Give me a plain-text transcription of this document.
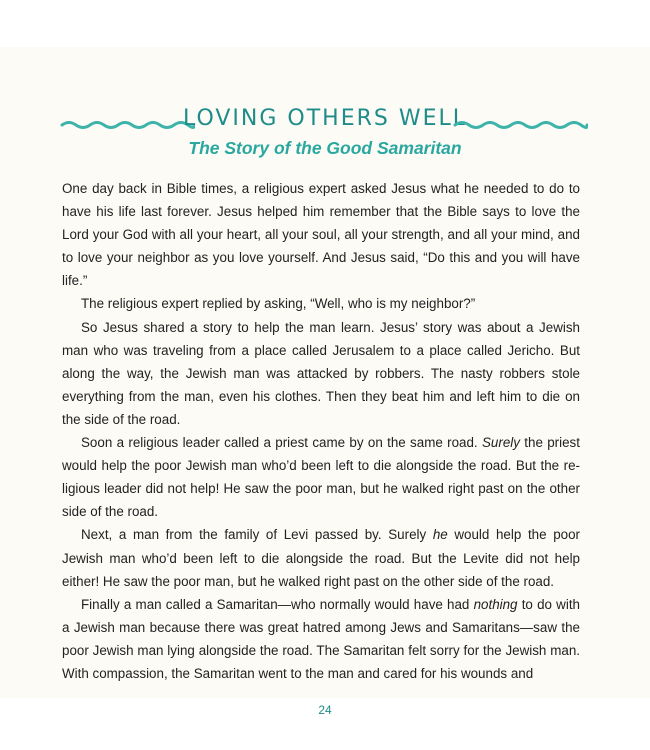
LOVING OTHERS WELL
The Story of the Good Samaritan

One day back in Bible times, a religious expert asked Jesus what he needed to do to have his life last forever. Jesus helped him remember that the Bible says to love the Lord your God with all your heart, all your soul, all your strength, and all your mind, and to love your neighbor as you love yourself. And Jesus said, “Do this and you will have life.”

The religious expert replied by asking, “Well, who is my neighbor?”

So Jesus shared a story to help the man learn. Jesus’ story was about a Jewish man who was traveling from a place called Jerusalem to a place called Jericho. But along the way, the Jewish man was attacked by robbers. The nasty robbers stole everything from the man, even his clothes. Then they beat him and left him to die on the side of the road.

Soon a religious leader called a priest came by on the same road. Surely the priest would help the poor Jewish man who’d been left to die alongside the road. But the re-ligious leader did not help! He saw the poor man, but he walked right past on the other side of the road.

Next, a man from the family of Levi passed by. Surely he would help the poor Jewish man who’d been left to die alongside the road. But the Levite did not help either! He saw the poor man, but he walked right past on the other side of the road.

Finally a man called a Samaritan—who normally would have had nothing to do with a Jewish man because there was great hatred among Jews and Samaritans—saw the poor Jewish man lying alongside the road. The Samaritan felt sorry for the Jewish man. With compassion, the Samaritan went to the man and cared for his wounds and

24
